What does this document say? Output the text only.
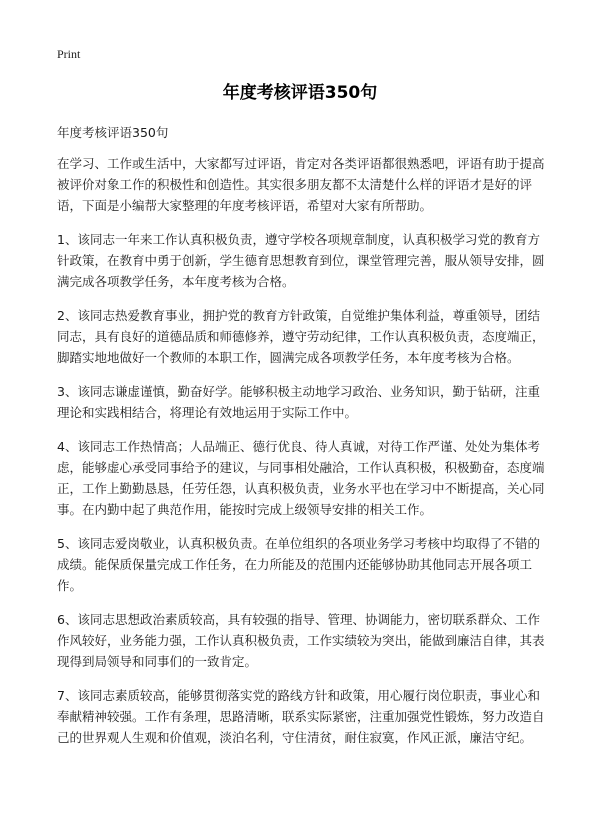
Print
年度考核评语350句

年度考核评语350句

在学习、工作或生活中，大家都写过评语，肯定对各类评语都很熟悉吧，评语有助于提高被评价对象工作的积极性和创造性。其实很多朋友都不太清楚什么样的评语才是好的评语，下面是小编帮大家整理的年度考核评语，希望对大家有所帮助。

1、该同志一年来工作认真积极负责，遵守学校各项规章制度，认真积极学习党的教育方针政策，在教育中勇于创新，学生德育思想教育到位，课堂管理完善，服从领导安排，圆满完成各项教学任务，本年度考核为合格。

2、该同志热爱教育事业，拥护党的教育方针政策，自觉维护集体利益，尊重领导，团结同志，具有良好的道德品质和师德修养，遵守劳动纪律，工作认真积极负责，态度端正，脚踏实地地做好一个教师的本职工作，圆满完成各项教学任务，本年度考核为合格。

3、该同志谦虚谨慎，勤奋好学。能够积极主动地学习政治、业务知识，勤于钻研，注重理论和实践相结合，将理论有效地运用于实际工作中。

4、该同志工作热情高；人品端正、德行优良、待人真诚，对待工作严谨、处处为集体考虑，能够虚心承受同事给予的建议，与同事相处融洽，工作认真积极，积极勤奋，态度端正，工作上勤勤恳恳，任劳任怨，认真积极负责，业务水平也在学习中不断提高，关心同事。在内勤中起了典范作用，能按时完成上级领导安排的相关工作。

5、该同志爱岗敬业，认真积极负责。在单位组织的各项业务学习考核中均取得了不错的成绩。能保质保量完成工作任务，在力所能及的范围内还能够协助其他同志开展各项工作。

6、该同志思想政治素质较高，具有较强的指导、管理、协调能力，密切联系群众、工作作风较好，业务能力强，工作认真积极负责，工作实绩较为突出，能做到廉洁自律，其表现得到局领导和同事们的一致肯定。

7、该同志素质较高，能够贯彻落实党的路线方针和政策，用心履行岗位职责，事业心和奉献精神较强。工作有条理，思路清晰，联系实际紧密，注重加强党性锻炼，努力改造自己的世界观人生观和价值观，淡泊名利，守住清贫，耐住寂寞，作风正派，廉洁守纪。
